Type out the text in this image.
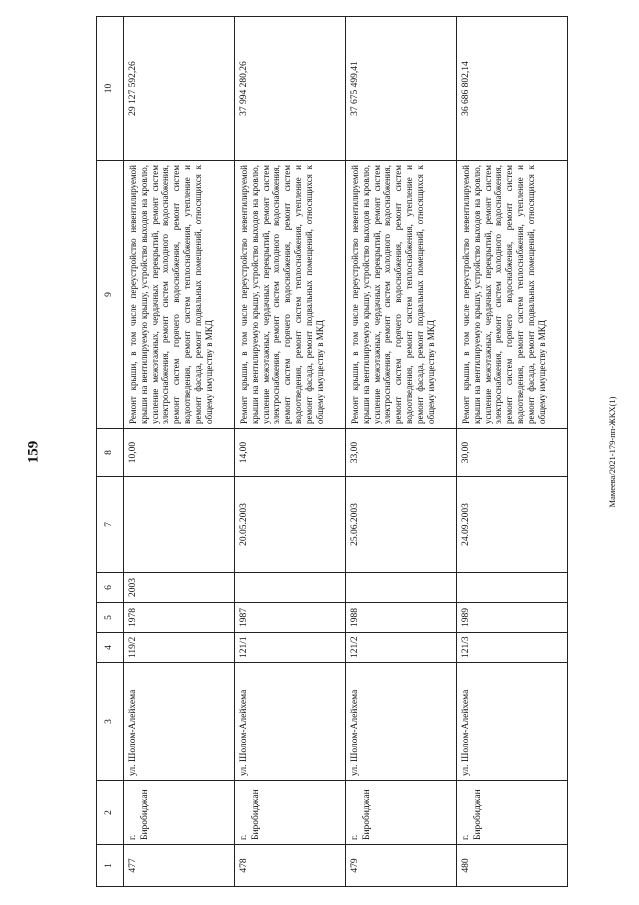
159	Мамеева/2021-179-пп-ЖКХ(1)
1	2	3	4	5	6	7	8	9	10
477	г. Биробиджан	ул. Шолом-Алейхема	119/2	1978	2003		10,00	Ремонт крыши, в том числе переустройство невентилируемой крыши на вентилируемую крышу, устройство выходов на кровлю, усиление межэтажных, чердачных перекрытий, ремонт систем электроснабжения, ремонт систем холодного водоснабжения, ремонт систем горячего водоснабжения, ремонт систем водоотведения, ремонт систем теплоснабжения, утепление и ремонт фасада, ремонт подвальных помещений, относящихся к общему имуществу в МКД	29 127 592,26
478	г. Биробиджан	ул. Шолом-Алейхема	121/1	1987		20.05.2003	14,00	Ремонт крыши, в том числе переустройство невентилируемой крыши на вентилируемую крышу, устройство выходов на кровлю, усиление межэтажных, чердачных перекрытий, ремонт систем электроснабжения, ремонт систем холодного водоснабжения, ремонт систем горячего водоснабжения, ремонт систем водоотведения, ремонт систем теплоснабжения, утепление и ремонт фасада, ремонт подвальных помещений, относящихся к общему имуществу в МКД	37 994 280,26
479	г. Биробиджан	ул. Шолом-Алейхема	121/2	1988		25.06.2003	33,00	Ремонт крыши, в том числе переустройство невентилируемой крыши на вентилируемую крышу, устройство выходов на кровлю, усиление межэтажных, чердачных перекрытий, ремонт систем электроснабжения, ремонт систем холодного водоснабжения, ремонт систем горячего водоснабжения, ремонт систем водоотведения, ремонт систем теплоснабжения, утепление и ремонт фасада, ремонт подвальных помещений, относящихся к общему имуществу в МКД	37 675 499,41
480	г. Биробиджан	ул. Шолом-Алейхема	121/3	1989		24.09.2003	30,00	Ремонт крыши, в том числе переустройство невентилируемой крыши на вентилируемую крышу, устройство выходов на кровлю, усиление межэтажных, чердачных перекрытий, ремонт систем электроснабжения, ремонт систем холодного водоснабжения, ремонт систем горячего водоснабжения, ремонт систем водоотведения, ремонт систем теплоснабжения, утепление и ремонт фасада, ремонт подвальных помещений, относящихся к общему имуществу в МКД	36 686 802,14
